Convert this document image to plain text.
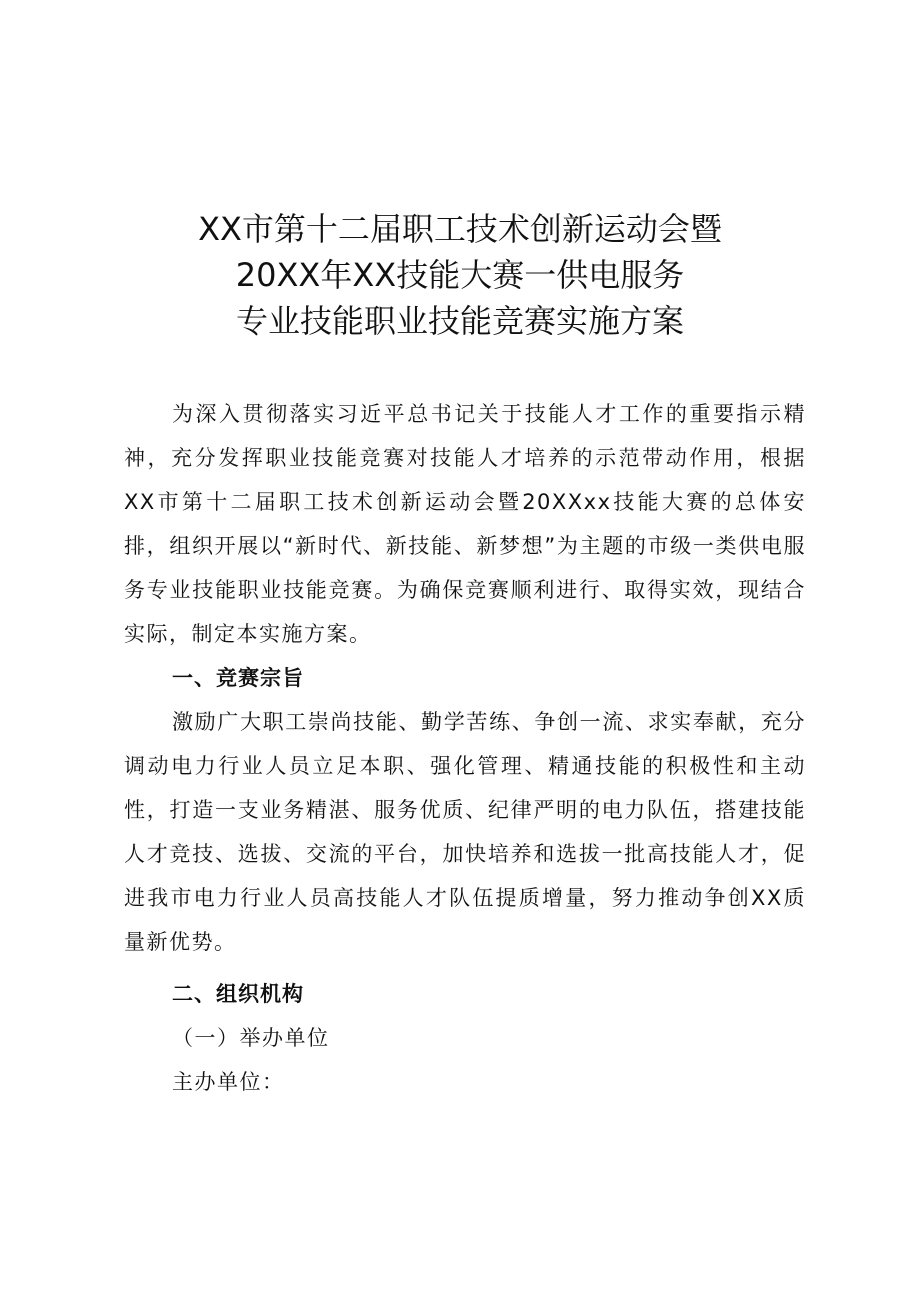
XX市第十二届职工技术创新运动会暨
20XX年XX技能大赛一供电服务
专业技能职业技能竞赛实施方案

为深入贯彻落实习近平总书记关于技能人才工作的重要指示精神，充分发挥职业技能竞赛对技能人才培养的示范带动作用，根据XX市第十二届职工技术创新运动会暨20XXxx技能大赛的总体安排，组织开展以“新时代、新技能、新梦想”为主题的市级一类供电服务专业技能职业技能竞赛。为确保竞赛顺利进行、取得实效，现结合实际，制定本实施方案。

一、竞赛宗旨

激励广大职工崇尚技能、勤学苦练、争创一流、求实奉献，充分调动电力行业人员立足本职、强化管理、精通技能的积极性和主动性，打造一支业务精湛、服务优质、纪律严明的电力队伍，搭建技能人才竞技、选拔、交流的平台，加快培养和选拔一批高技能人才，促进我市电力行业人员高技能人才队伍提质增量，努力推动争创XX质量新优势。

二、组织机构
（一）举办单位
主办单位：
